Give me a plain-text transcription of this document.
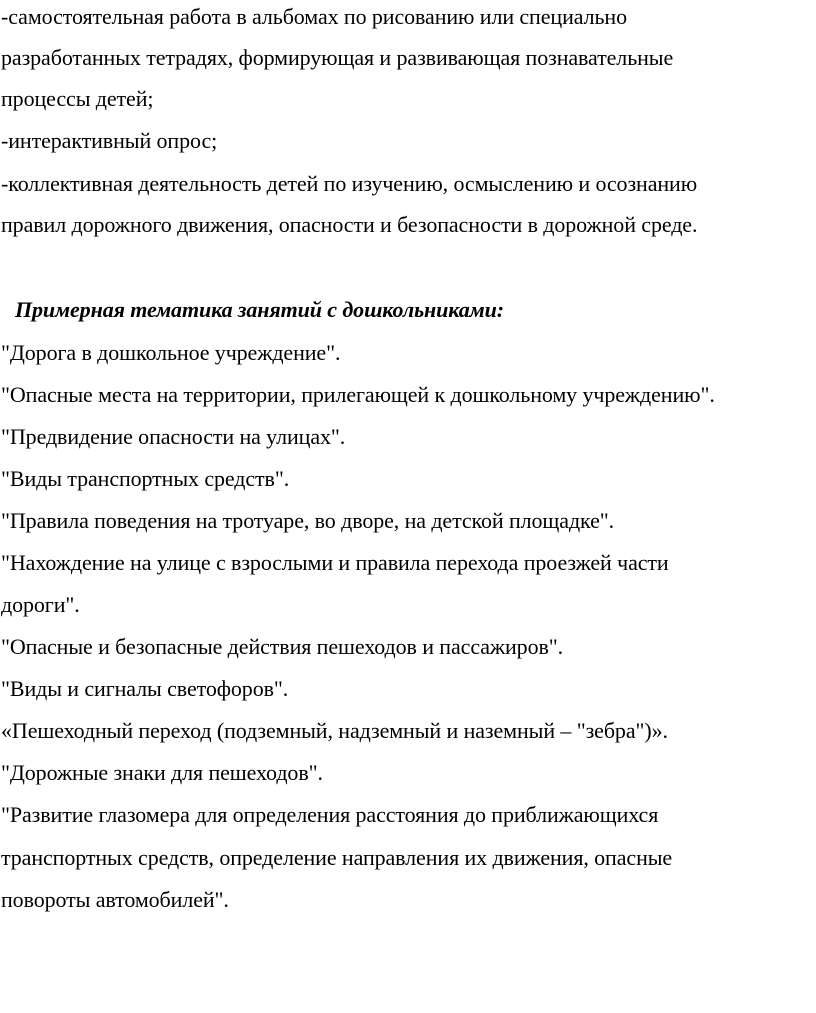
-самостоятельная работа в альбомах по рисованию или специально
разработанных тетрадях, формирующая и развивающая познавательные
процессы детей;
-интерактивный опрос;
-коллективная деятельность детей по изучению, осмыслению и осознанию
правил дорожного движения, опасности и безопасности в дорожной среде.
Примерная тематика занятий с дошкольниками:
"Дорога в дошкольное учреждение".
"Опасные места на территории, прилегающей к дошкольному учреждению".
"Предвидение опасности на улицах".
"Виды транспортных средств".
"Правила поведения на тротуаре, во дворе, на детской площадке".
"Нахождение на улице с взрослыми и правила перехода проезжей части
дороги".
"Опасные и безопасные действия пешеходов и пассажиров".
"Виды и сигналы светофоров".
«Пешеходный переход (подземный, надземный и наземный – "зебра")».
"Дорожные знаки для пешеходов".
"Развитие глазомера для определения расстояния до приближающихся
транспортных средств, определение направления их движения, опасные
повороты автомобилей".
